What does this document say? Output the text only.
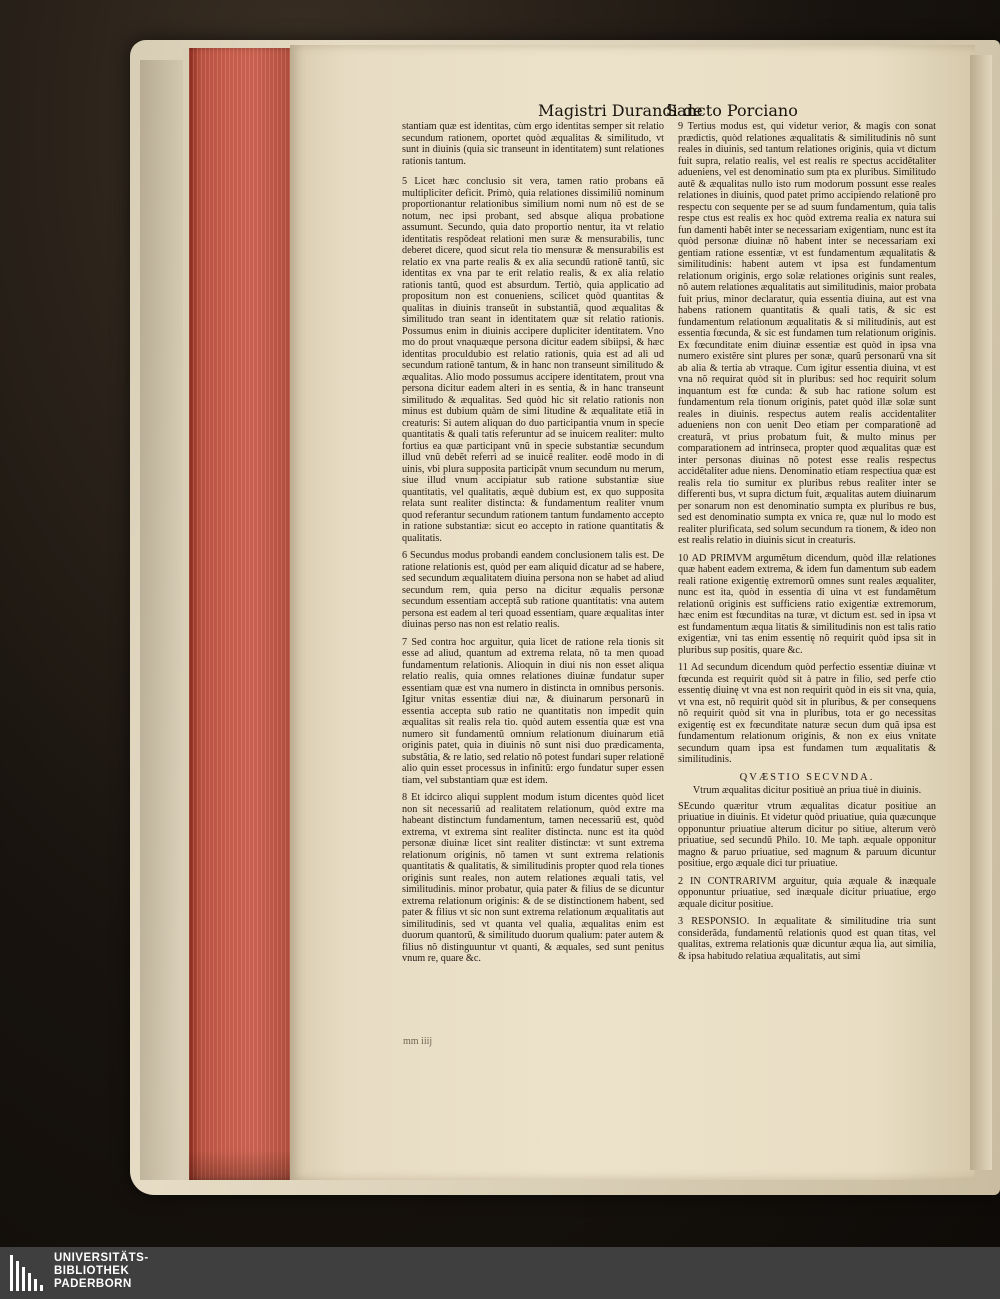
Magistri Durandi de
Sancto Porciano

stantiam quæ est identitas, cùm ergo identitas semper sit relatio secundum rationem, oportet quòd æqualitas & similitudo, vt sunt in diuinis (quia sic transeunt in identitatem) sunt relationes rationis tantum.

5 Licet hæc conclusio sit vera, tamen ratio probans eã multipliciter deficit. Primò, quia relationes dissimiliũ nominum proportionantur relationibus similium nomi num nõ est de se notum, nec ipsi probant, sed absque aliqua probatione assumunt. Secundo, quia dato proportio nentur, ita vt relatio identitatis respõdeat relationi men suræ & mensurabilis, tunc deberet dicere, quod sicut rela tio mensuræ & mensurabilis est relatio ex vna parte realis & ex alia secundũ rationẽ tantũ, sic identitas ex vna par te erit relatio realis, & ex alia relatio rationis tantũ, quod est absurdum. Tertiò, quia applicatio ad propositum non est conueniens, scilicet quòd quantitas & qualitas in diuinis transeũt in substantiã, quod æqualitas & similitudo tran seant in identitatem quæ sit relatio rationis. Possumus enim in diuinis accipere dupliciter identitatem. Vno mo do prout vnaquæque persona dicitur eadem sibiipsi, & hæc identitas proculdubio est relatio rationis, quia est ad ali ud secundum rationẽ tantum, & in hanc non transeunt similitudo & æqualitas. Alio modo possumus accipere identitatem, prout vna persona dicitur eadem alteri in es sentia, & in hanc transeunt similitudo & æqualitas. Sed quòd hic sit relatio rationis non minus est dubium quàm de simi litudine & æqualitate etiã in creaturis: Si autem aliquan do duo participantia vnum in specie quantitatis & quali tatis referuntur ad se inuicem realiter: multo fortius ea quæ participant vnũ in specie substantiæ secundum illud vnũ debẽt referri ad se inuicẽ realiter. eodẽ modo in di uinis, vbi plura supposita participãt vnum secundum nu merum, siue illud vnum accipiatur sub ratione substantiæ siue quantitatis, vel qualitatis, æquè dubium est, ex quo supposita relata sunt realiter distincta: & fundamentum realiter vnum quod referantur secundum rationem tantum fundamento accepto in ratione substantiæ: sicut eo accepto in ratione quantitatis & qualitatis.

6 Secundus modus probandi eandem conclusionem talis est. De ratione relationis est, quòd per eam aliquid dicatur ad se habere, sed secundum æqualitatem diuina persona non se habet ad aliud secundum rem, quia perso na dicitur æqualis personæ secundum essentiam acceptã sub ratione quantitatis: vna autem persona est eadem al teri quoad essentiam, quare æqualitas inter diuinas perso nas non est relatio realis.

7 Sed contra hoc arguitur, quia licet de ratione rela tionis sit esse ad aliud, quantum ad extrema relata, nõ ta men quoad fundamentum relationis. Alioquin in diui nis non esset aliqua relatio realis, quia omnes relationes diuinæ fundatur super essentiam quæ est vna numero in distincta in omnibus personis. Igitur vnitas essentiæ diui næ, & diuinarum personarũ in essentia accepta sub ratio ne quantitatis non impedit quin æqualitas sit realis rela tio. quòd autem essentia quæ est vna numero sit fundamentũ omnium relationum diuinarum etiã originis patet, quia in diuinis nõ sunt nisi duo prædicamenta, substãtia, & re latio, sed relatio nõ potest fundari super relationẽ alio quin esset processus in infinitũ: ergo fundatur super essen tiam, vel substantiam quæ est idem.

8 Et idcirco aliqui supplent modum istum dicentes quòd licet non sit necessariũ ad realitatem relationum, quòd extre ma habeant distinctum fundamentum, tamen necessariũ est, quòd extrema, vt extrema sint realiter distincta. nunc est ita quòd personæ diuinæ licet sint realiter distinctæ: vt sunt extrema relationum originis, nõ tamen vt sunt extrema relationis quantitatis & qualitatis, & similitudinis propter quod rela tiones originis sunt reales, non autem relationes æquali tatis, vel similitudinis. minor probatur, quia pater & filius de se dicuntur extrema relationum originis: & de se distinctionem habent, sed pater & filius vt sic non sunt extrema relationum æqualitatis aut similitudinis, sed vt quanta vel qualia, æqualitas enim est duorum quantorũ, & similitudo duorum qualium: pater autem & filius nõ distinguuntur vt quanti, & æquales, sed sunt penitus vnum re, quare &c.

9 Tertius modus est, qui videtur verior, & magis con sonat prædictis, quòd relationes æqualitatis & similitudinis nõ sunt reales in diuinis, sed tantum relationes originis, quia vt dictum fuit supra, relatio realis, vel est realis re spectus accidẽtaliter adueniens, vel est denominatio sum pta ex pluribus. Similitudo autẽ & æqualitas nullo isto rum modorum possunt esse reales relationes in diuinis, quod patet primo accipiendo relationẽ pro respectu con sequente per se ad suum fundamentum, quia talis respe ctus est realis ex hoc quòd extrema realia ex natura sui fun damenti habẽt inter se necessariam exigentiam, nunc est ita quòd personæ diuinæ nõ habent inter se necessariam exi gentiam ratione essentiæ, vt est fundamentum æqualitatis & similitudinis: habent autem vt ipsa est fundamentum relationum originis, ergo solæ relationes originis sunt reales, nõ autem relationes æqualitatis aut similitudinis, maior probata fuit prius, minor declaratur, quia essentia diuina, aut est vna habens rationem quantitatis & quali tatis, & sic est fundamentum relationum æqualitatis & si militudinis, aut est essentia fœcunda, & sic est fundamen tum relationum originis. Ex fœcunditate enim diuinæ essentiæ est quòd in ipsa vna numero existẽre sint plures per sonæ, quarũ personarũ vna sit ab alia & tertia ab vtraque. Cum igitur essentia diuina, vt est vna nõ requirat quòd sit in pluribus: sed hoc requirit solum inquantum est fœ cunda: & sub hac ratione solum est fundamentum rela tionum originis, patet quòd illæ solæ sunt reales in diuinis. respectus autem realis accidentaliter adueniens non con uenit Deo etiam per comparationẽ ad creaturã, vt prius probatum fuit, & multo minus per comparationem ad intrinseca, propter quod æqualitas quæ est inter personas diuinas nõ potest esse realis respectus accidẽtaliter adue niens. Denominatio etiam respectiua quæ est realis rela tio sumitur ex pluribus rebus realiter inter se differenti bus, vt supra dictum fuit, æqualitas autem diuinarum per sonarum non est denominatio sumpta ex pluribus re bus, sed est denominatio sumpta ex vnica re, quæ nul lo modo est realiter plurificata, sed solum secundum ra tionem, & ideo non est realis relatio in diuinis sicut in creaturis.

10 AD PRIMVM argumẽtum dicendum, quòd illæ relationes quæ habent eadem extrema, & idem fun damentum sub eadem reali ratione exigentię extremorũ omnes sunt reales æqualiter, nunc est ita, quòd in essentia di uina vt est fundamẽtum relationũ originis est sufficiens ratio exigentiæ extremorum, hæc enim est fœcunditas na turæ, vt dictum est. sed in ipsa vt est fundamentum æqua litatis & similitudinis non est talis ratio exigentiæ, vni tas enim essentię nõ requirit quòd ipsa sit in pluribus sup positis, quare &c.

11 Ad secundum dicendum quòd perfectio essentiæ diuinæ vt fœcunda est requirit quòd sit à patre in filio, sed perfe ctio essentię diuinę vt vna est non requirit quòd in eis sit vna, quia, vt vna est, nõ requirit quòd sit in pluribus, & per consequens nõ requirit quòd sit vna in pluribus, tota er go necessitas exigentię est ex fœcunditate naturæ secun dum quã ipsa est fundamentum relationum originis, & non ex eius vnitate secundum quam ipsa est fundamen tum æqualitatis & similitudinis.

QVÆSTIO SECVNDA.
Vtrum æqualitas dicitur positiuè an priua tiuè in diuinis.

SEcundo quæritur vtrum æqualitas dicatur positiue an priuatiue in diuinis. Et videtur quòd priuatiue, quia quæcunque opponuntur priuatiue alterum dicitur po sitiue, alterum verò priuatiue, sed secundũ Philo. 10. Me taph. æquale opponitur magno & paruo priuatiue, sed magnum & paruum dicuntur positiue, ergo æquale dici tur priuatiue.

2 IN CONTRARIVM arguitur, quia æquale & inæquale opponuntur priuatiue, sed inæquale dicitur priuatiue, ergo æquale dicitur positiue.

3 RESPONSIO. In æqualitate & similitudine tria sunt considerãda, fundamentũ relationis quod est quan titas, vel qualitas, extrema relationis quæ dicuntur æqua lia, aut similia, & ipsa habitudo relatiua æqualitatis, aut simi

mm iiij
UNIVERSITÄTS-
BIBLIOTHEK
PADERBORN
